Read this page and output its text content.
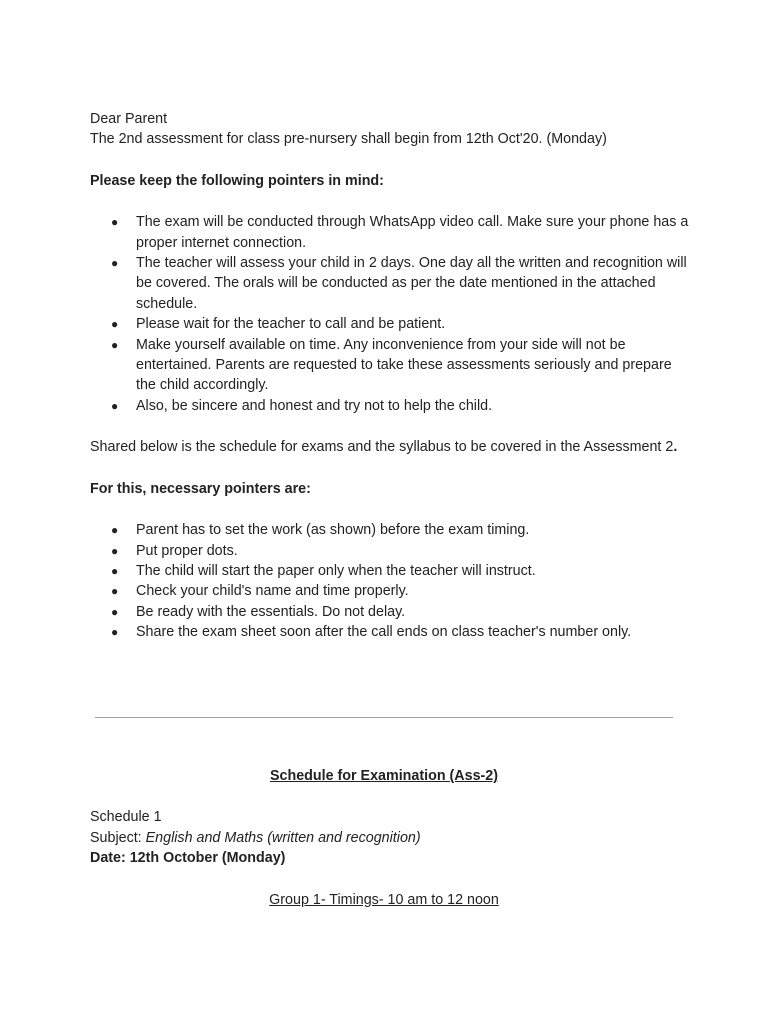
Dear Parent

The 2nd assessment for class pre-nursery shall begin from 12th Oct'20. (Monday)

Please keep the following pointers in mind:

● The exam will be conducted through WhatsApp video call. Make sure your phone has a proper internet connection.
● The teacher will assess your child in 2 days. One day all the written and recognition will be covered. The orals will be conducted as per the date mentioned in the attached schedule.
● Please wait for the teacher to call and be patient.
● Make yourself available on time. Any inconvenience from your side will not be entertained. Parents are requested to take these assessments seriously and prepare the child accordingly.
● Also, be sincere and honest and try not to help the child.

Shared below is the schedule for exams and the syllabus to be covered in the Assessment 2.

For this, necessary pointers are:

● Parent has to set the work (as shown) before the exam timing.
● Put proper dots.
● The child will start the paper only when the teacher will instruct.
● Check your child's name and time properly.
● Be ready with the essentials. Do not delay.
● Share the exam sheet soon after the call ends on class teacher's number only.

Schedule for Examination (Ass-2)

Schedule 1

Subject: English and Maths (written and recognition)

Date: 12th October (Monday)

Group 1- Timings- 10 am to 12 noon
